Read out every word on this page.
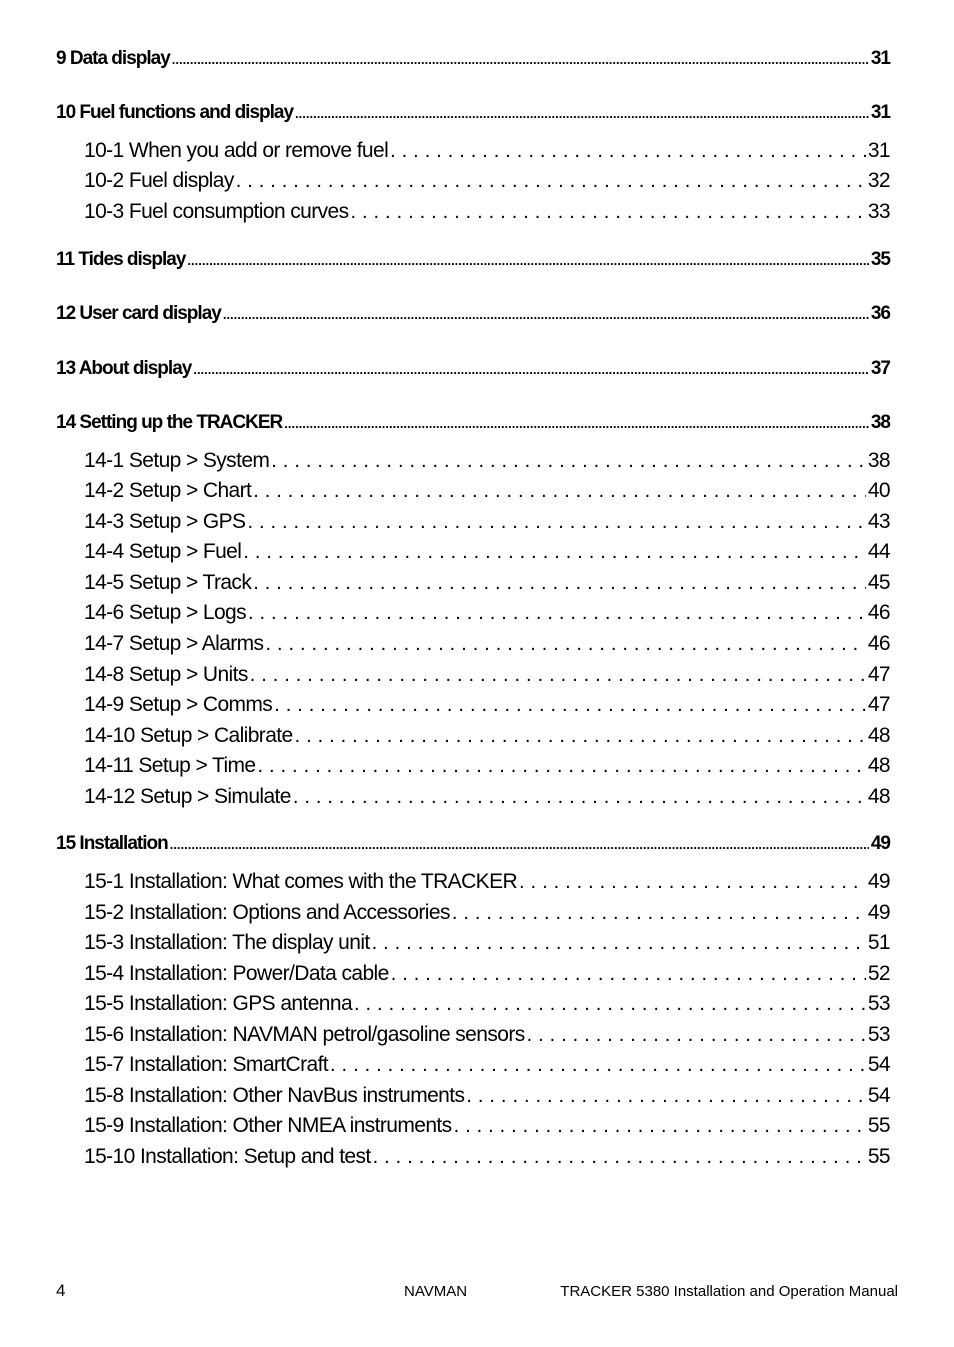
9 Data display .....	31
10 Fuel functions and display .....	31
10-1 When you add or remove fuel . . .	31
10-2 Fuel display . . .	32
10-3 Fuel consumption curves . . .	33
11 Tides display .....	35
12 User card display .....	36
13 About display .....	37
14 Setting up the TRACKER .....	38
14-1 Setup > System . . .	38
14-2 Setup > Chart . . .	40
14-3 Setup > GPS . . .	43
14-4 Setup > Fuel . . .	44
14-5 Setup > Track . . .	45
14-6 Setup > Logs . . .	46
14-7 Setup > Alarms . . .	46
14-8 Setup > Units . . .	47
14-9 Setup > Comms . . .	47
14-10 Setup > Calibrate . . .	48
14-11 Setup > Time . . .	48
14-12 Setup > Simulate . . .	48
15 Installation .....	49
15-1 Installation: What comes with the TRACKER . . .	49
15-2 Installation: Options and Accessories . . .	49
15-3 Installation: The display unit . . .	51
15-4 Installation: Power/Data cable . . .	52
15-5 Installation: GPS antenna . . .	53
15-6 Installation: NAVMAN petrol/gasoline sensors . . .	53
15-7 Installation: SmartCraft . . .	54
15-8 Installation: Other NavBus instruments . . .	54
15-9 Installation: Other NMEA instruments . . .	55
15-10 Installation: Setup and test . . .	55
4	NAVMAN	TRACKER 5380 Installation and Operation Manual
